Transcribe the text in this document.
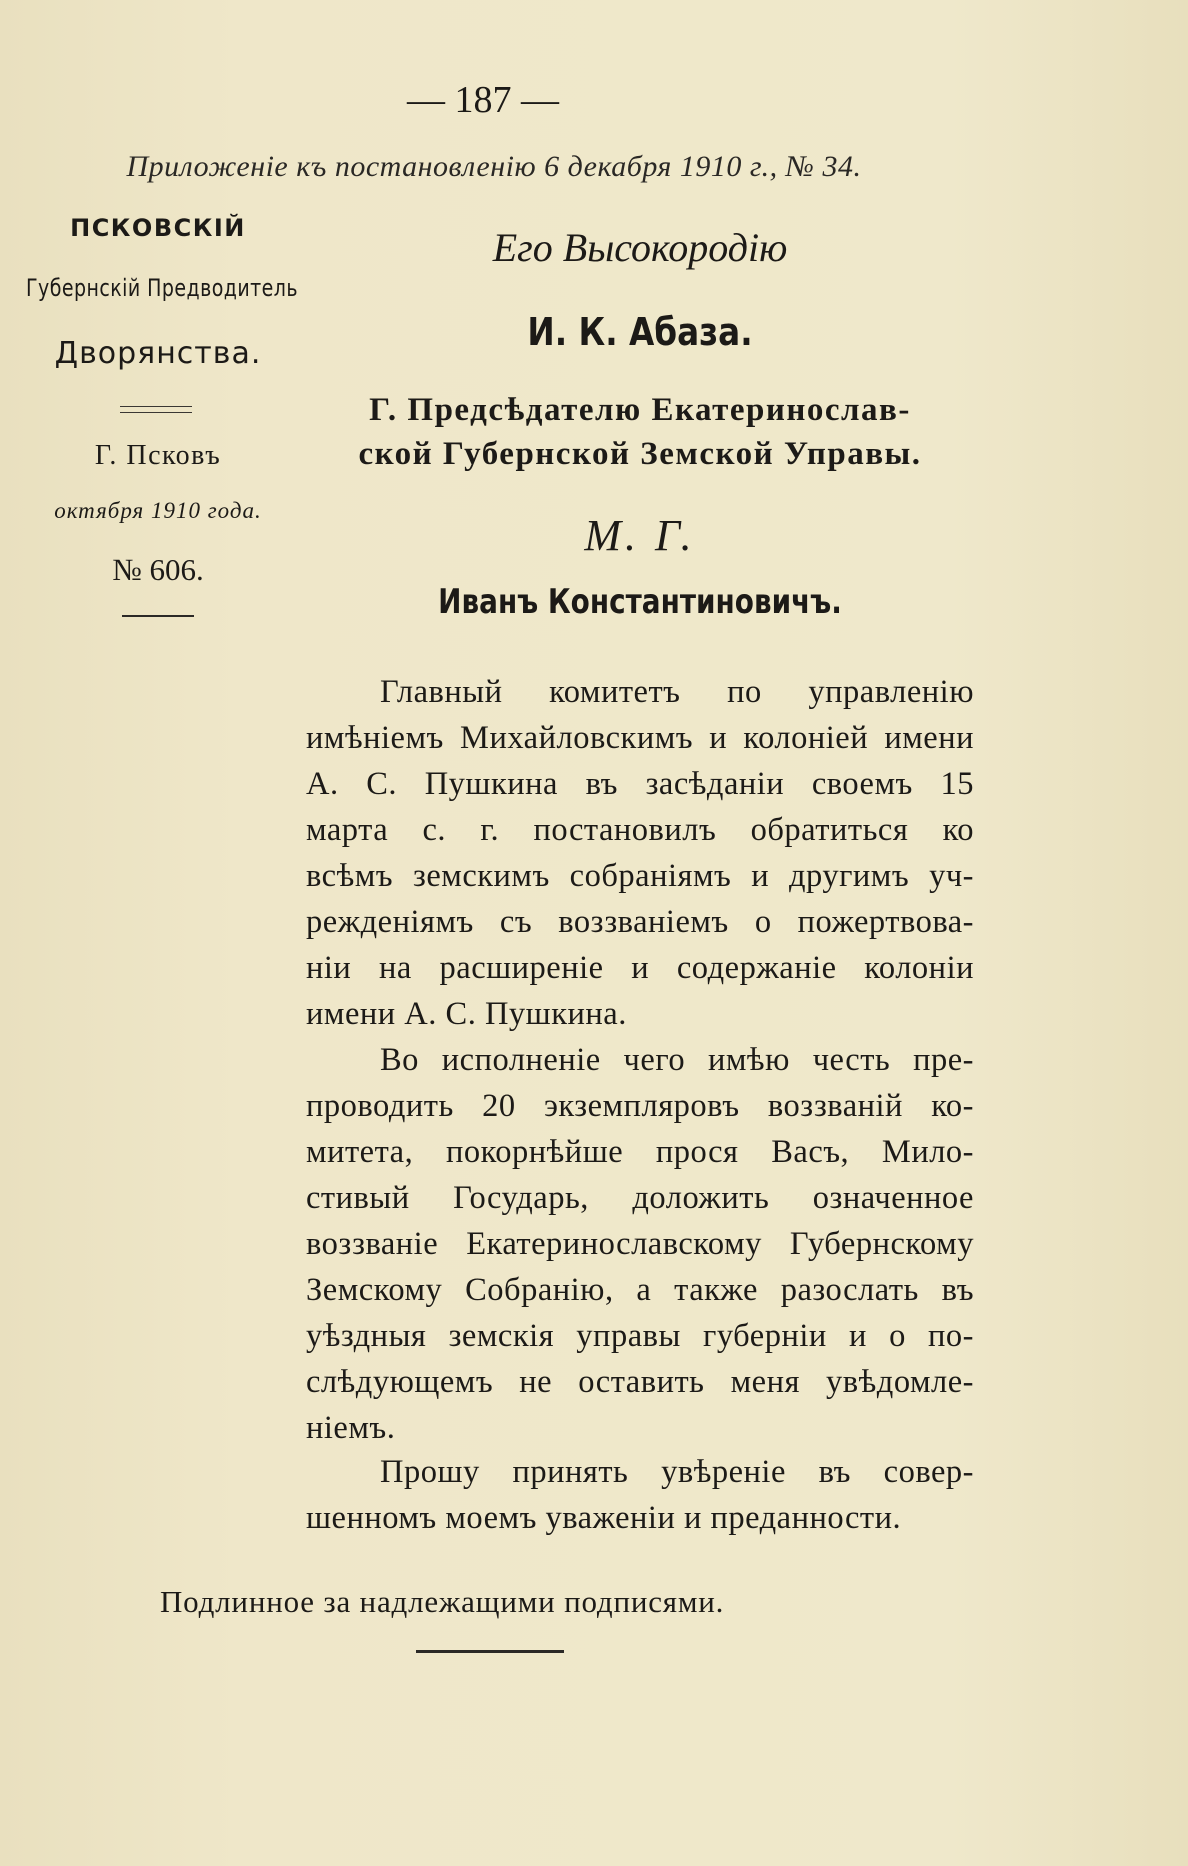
— 187 —
Приложеніе къ постановленію 6 декабря 1910 г., № 34.
ПСКОВСКІЙ
Губернскій Предводитель
Дворянства.
Г. Псковъ
октября 1910 года.
№ 606.
Его Высокородію
И. К. Абаза.
Г. Предсѣдателю Екатеринослав-
ской Губернской Земской Управы.
М. Г.
Иванъ Константиновичъ.
Главный комитетъ по управленію
имѣніемъ Михайловскимъ и колоніей имени
А. С. Пушкина въ засѣданіи своемъ 15
марта с. г. постановилъ обратиться ко
всѣмъ земскимъ собраніямъ и другимъ уч-
режденіямъ съ воззваніемъ о пожертвова-
ніи на расширеніе и содержаніе колоніи
имени А. С. Пушкина.
Во исполненіе чего имѣю честь пре-
проводить 20 экземпляровъ воззваній ко-
митета, покорнѣйше прося Васъ, Мило-
стивый Государь, доложить означенное
воззваніе Екатеринославскому Губернскому
Земскому Собранію, а также разослать въ
уѣздныя земскія управы губерніи и о по-
слѣдующемъ не оставить меня увѣдомле-
ніемъ.
Прошу принять увѣреніе въ совер-
шенномъ моемъ уваженіи и преданности.
Подлинное за надлежащими подписями.
